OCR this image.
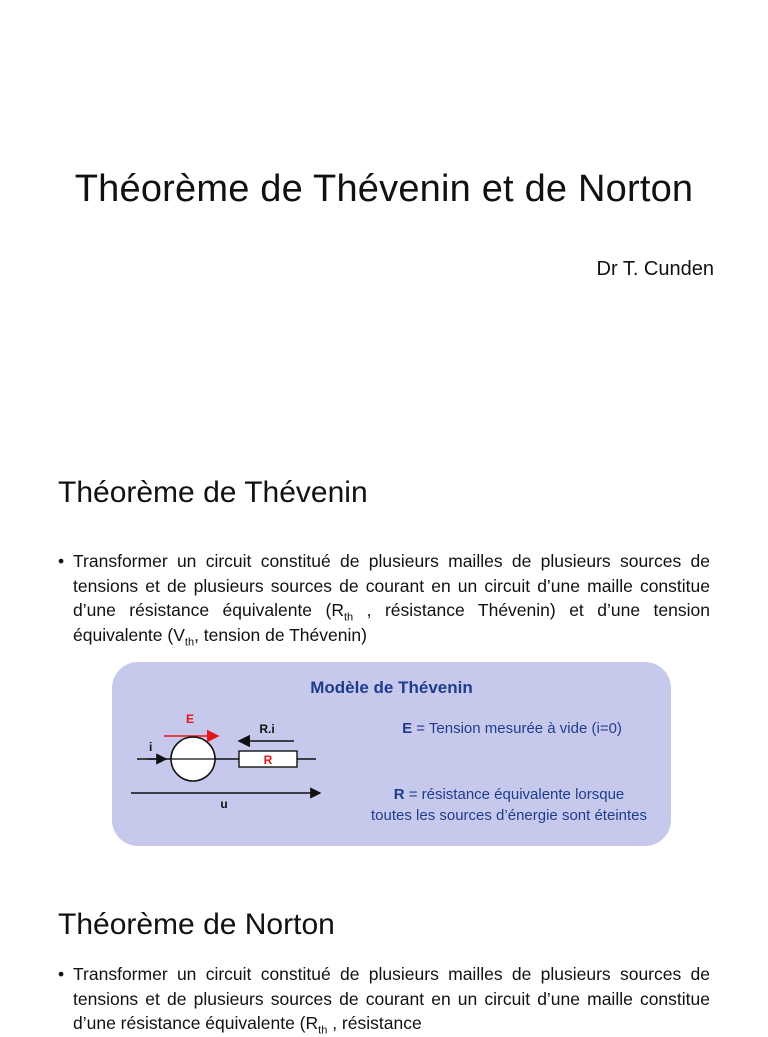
Théorème de Thévenin et de Norton
Dr T. Cunden
Théorème de Thévenin
• Transformer un circuit constitué de plusieurs mailles de plusieurs sources de tensions et de plusieurs sources de courant en un circuit d’une maille constitue d’une résistance équivalente ($R_{th}$ , résistance Thévenin) et d’une tension équivalente ($V_{th}$, tension de Thévenin)
Modèle de Thévenin
E
R.i
i
R
u
E = Tension mesurée à vide (i=0)
R = résistance équivalente lorsque
toutes les sources d’énergie sont éteintes
Théorème de Norton
• Transformer un circuit constitué de plusieurs mailles de plusieurs sources de tensions et de plusieurs sources de courant en un circuit d’une maille constitue d’une résistance équivalente ($R_{th}$ , résistance
